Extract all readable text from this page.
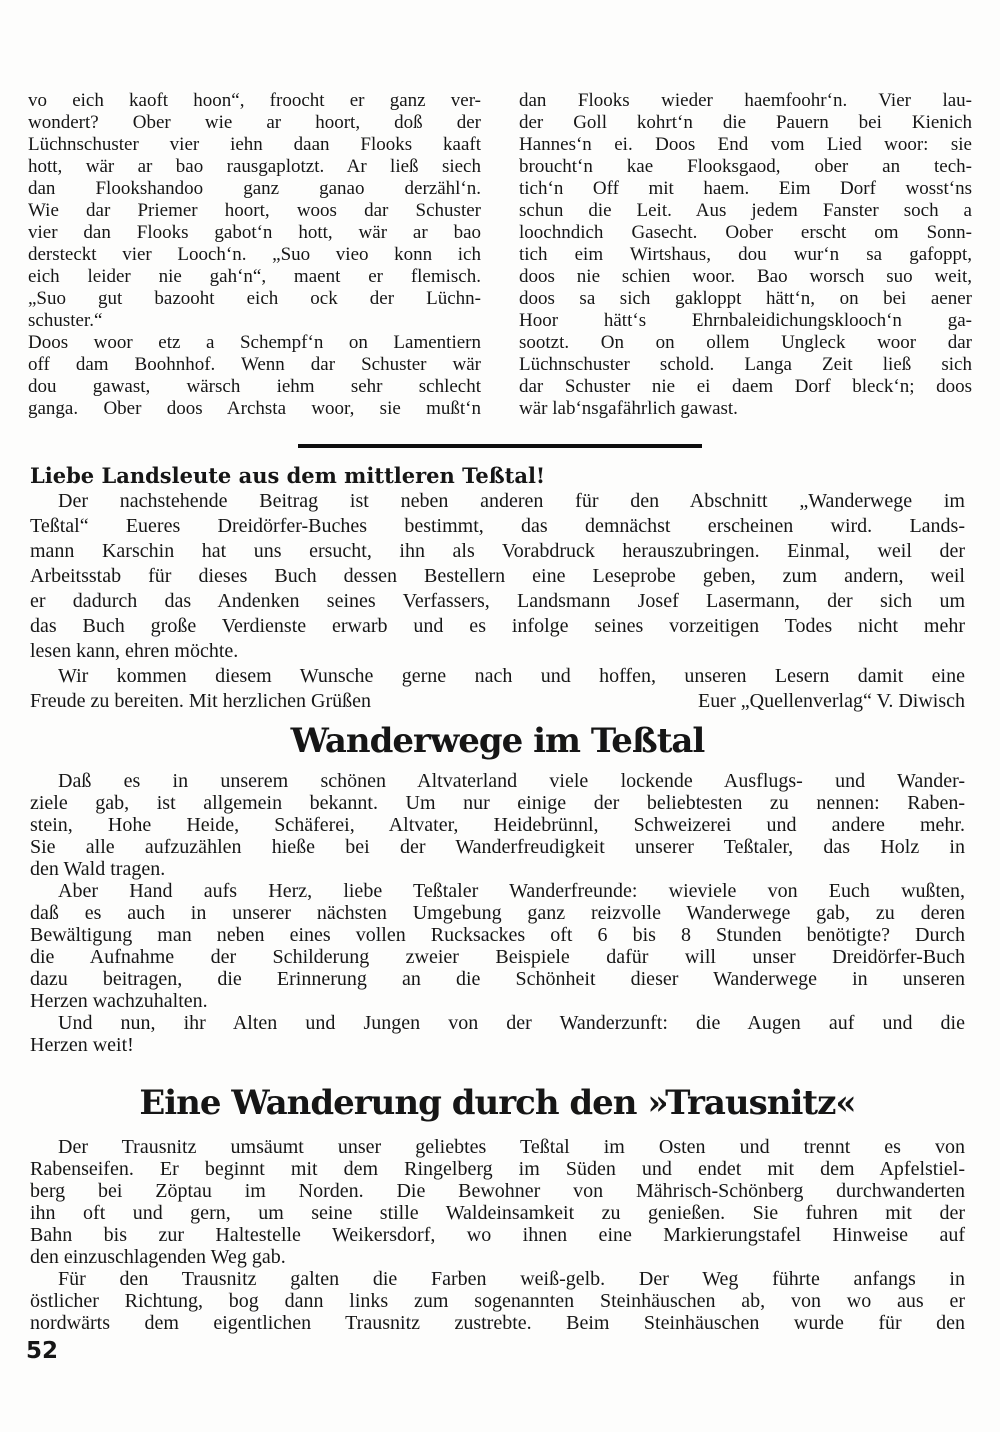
vo eich kaoft hoon“, froocht er ganz ver-
wondert? Ober wie ar hoort, doß der
Lüchnschuster vier iehn daan Flooks kaaft
hott, wär ar bao rausgaplotzt. Ar ließ siech
dan Flookshandoo ganz ganao derzähl‘n.
Wie dar Priemer hoort, woos dar Schuster
vier dan Flooks gabot‘n hott, wär ar bao
dersteckt vier Looch‘n. „Suo vieo konn ich
eich leider nie gah‘n“, maent er flemisch.
„Suo gut bazooht eich ock der Lüchn-
schuster.“
Doos woor etz a Schempf‘n on Lamentiern
off dam Boohnhof. Wenn dar Schuster wär
dou gawast, wärsch iehm sehr schlecht
ganga. Ober doos Archsta woor, sie mußt‘n
dan Flooks wieder haemfoohr‘n. Vier lau-
der Goll kohrt‘n die Pauern bei Kienich
Hannes‘n ei. Doos End vom Lied woor: sie
broucht‘n kae Flooksgaod, ober an tech-
tich‘n Off mit haem. Eim Dorf wosst‘ns
schun die Leit. Aus jedem Fanster soch a
loochndich Gasecht. Oober erscht om Sonn-
tich eim Wirtshaus, dou wur‘n sa gafoppt,
doos nie schien woor. Bao worsch suo weit,
doos sa sich gakloppt hätt‘n, on bei aener
Hoor hätt‘s Ehrnbaleidichungsklooch‘n ga-
sootzt. On on ollem Ungleck woor dar
Lüchnschuster schold. Langa Zeit ließ sich
dar Schuster nie ei daem Dorf bleck‘n; doos
wär lab‘nsgafährlich gawast.
Liebe Landsleute aus dem mittleren Teßtal!
Der nachstehende Beitrag ist neben anderen für den Abschnitt „Wanderwege im
Teßtal“ Eueres Dreidörfer-Buches bestimmt, das demnächst erscheinen wird. Lands-
mann Karschin hat uns ersucht, ihn als Vorabdruck herauszubringen. Einmal, weil der
Arbeitsstab für dieses Buch dessen Bestellern eine Leseprobe geben, zum andern, weil
er dadurch das Andenken seines Verfassers, Landsmann Josef Lasermann, der sich um
das Buch große Verdienste erwarb und es infolge seines vorzeitigen Todes nicht mehr
lesen kann, ehren möchte.
Wir kommen diesem Wunsche gerne nach und hoffen, unseren Lesern damit eine
Freude zu bereiten. Mit herzlichen Grüßen	Euer „Quellenverlag“ V. Diwisch
Wanderwege im Teßtal
Daß es in unserem schönen Altvaterland viele lockende Ausflugs- und Wander-
ziele gab, ist allgemein bekannt. Um nur einige der beliebtesten zu nennen: Raben-
stein, Hohe Heide, Schäferei, Altvater, Heidebrünnl, Schweizerei und andere mehr.
Sie alle aufzuzählen hieße bei der Wanderfreudigkeit unserer Teßtaler, das Holz in
den Wald tragen.
Aber Hand aufs Herz, liebe Teßtaler Wanderfreunde: wieviele von Euch wußten,
daß es auch in unserer nächsten Umgebung ganz reizvolle Wanderwege gab, zu deren
Bewältigung man neben eines vollen Rucksackes oft 6 bis 8 Stunden benötigte? Durch
die Aufnahme der Schilderung zweier Beispiele dafür will unser Dreidörfer-Buch
dazu beitragen, die Erinnerung an die Schönheit dieser Wanderwege in unseren
Herzen wachzuhalten.
Und nun, ihr Alten und Jungen von der Wanderzunft: die Augen auf und die
Herzen weit!
Eine Wanderung durch den »Trausnitz«
Der Trausnitz umsäumt unser geliebtes Teßtal im Osten und trennt es von
Rabenseifen. Er beginnt mit dem Ringelberg im Süden und endet mit dem Apfelstiel-
berg bei Zöptau im Norden. Die Bewohner von Mährisch-Schönberg durchwanderten
ihn oft und gern, um seine stille Waldeinsamkeit zu genießen. Sie fuhren mit der
Bahn bis zur Haltestelle Weikersdorf, wo ihnen eine Markierungstafel Hinweise auf
den einzuschlagenden Weg gab.
Für den Trausnitz galten die Farben weiß-gelb. Der Weg führte anfangs in
östlicher Richtung, bog dann links zum sogenannten Steinhäuschen ab, von wo aus er
nordwärts dem eigentlichen Trausnitz zustrebte. Beim Steinhäuschen wurde für den
52
